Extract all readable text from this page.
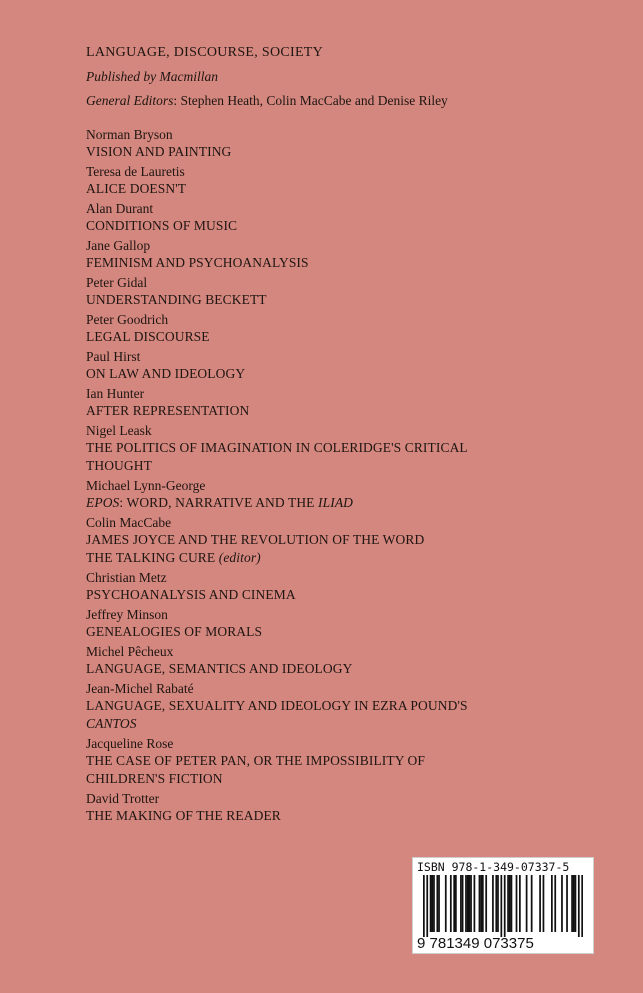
LANGUAGE, DISCOURSE, SOCIETY

Published by Macmillan

General Editors: Stephen Heath, Colin MacCabe and Denise Riley

Norman Bryson
VISION AND PAINTING
Teresa de Lauretis
ALICE DOESN'T
Alan Durant
CONDITIONS OF MUSIC
Jane Gallop
FEMINISM AND PSYCHOANALYSIS
Peter Gidal
UNDERSTANDING BECKETT
Peter Goodrich
LEGAL DISCOURSE
Paul Hirst
ON LAW AND IDEOLOGY
Ian Hunter
AFTER REPRESENTATION
Nigel Leask
THE POLITICS OF IMAGINATION IN COLERIDGE'S CRITICAL
THOUGHT
Michael Lynn-George
EPOS: WORD, NARRATIVE AND THE ILIAD
Colin MacCabe
JAMES JOYCE AND THE REVOLUTION OF THE WORD
THE TALKING CURE (editor)
Christian Metz
PSYCHOANALYSIS AND CINEMA
Jeffrey Minson
GENEALOGIES OF MORALS
Michel Pêcheux
LANGUAGE, SEMANTICS AND IDEOLOGY
Jean-Michel Rabaté
LANGUAGE, SEXUALITY AND IDEOLOGY IN EZRA POUND'S
CANTOS
Jacqueline Rose
THE CASE OF PETER PAN, OR THE IMPOSSIBILITY OF
CHILDREN'S FICTION
David Trotter
THE MAKING OF THE READER
ISBN 978-1-349-07337-5
9 781349 073375
